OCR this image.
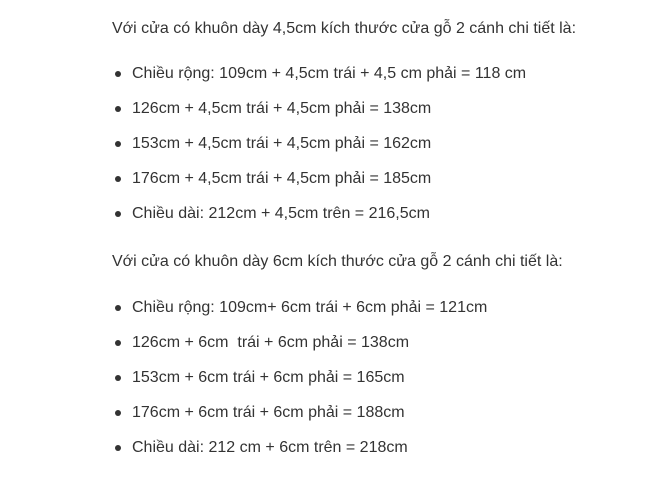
Với cửa có khuôn dày 4,5cm kích thước cửa gỗ 2 cánh chi tiết là:

Chiều rộng: 109cm + 4,5cm trái + 4,5 cm phải = 118 cm
126cm + 4,5cm trái + 4,5cm phải = 138cm
153cm + 4,5cm trái + 4,5cm phải = 162cm
176cm + 4,5cm trái + 4,5cm phải = 185cm
Chiều dài: 212cm + 4,5cm trên = 216,5cm

Với cửa có khuôn dày 6cm kích thước cửa gỗ 2 cánh chi tiết là:

Chiều rộng: 109cm+ 6cm trái + 6cm phải = 121cm
126cm + 6cm  trái + 6cm phải = 138cm
153cm + 6cm trái + 6cm phải = 165cm
176cm + 6cm trái + 6cm phải = 188cm
Chiều dài: 212 cm + 6cm trên = 218cm
